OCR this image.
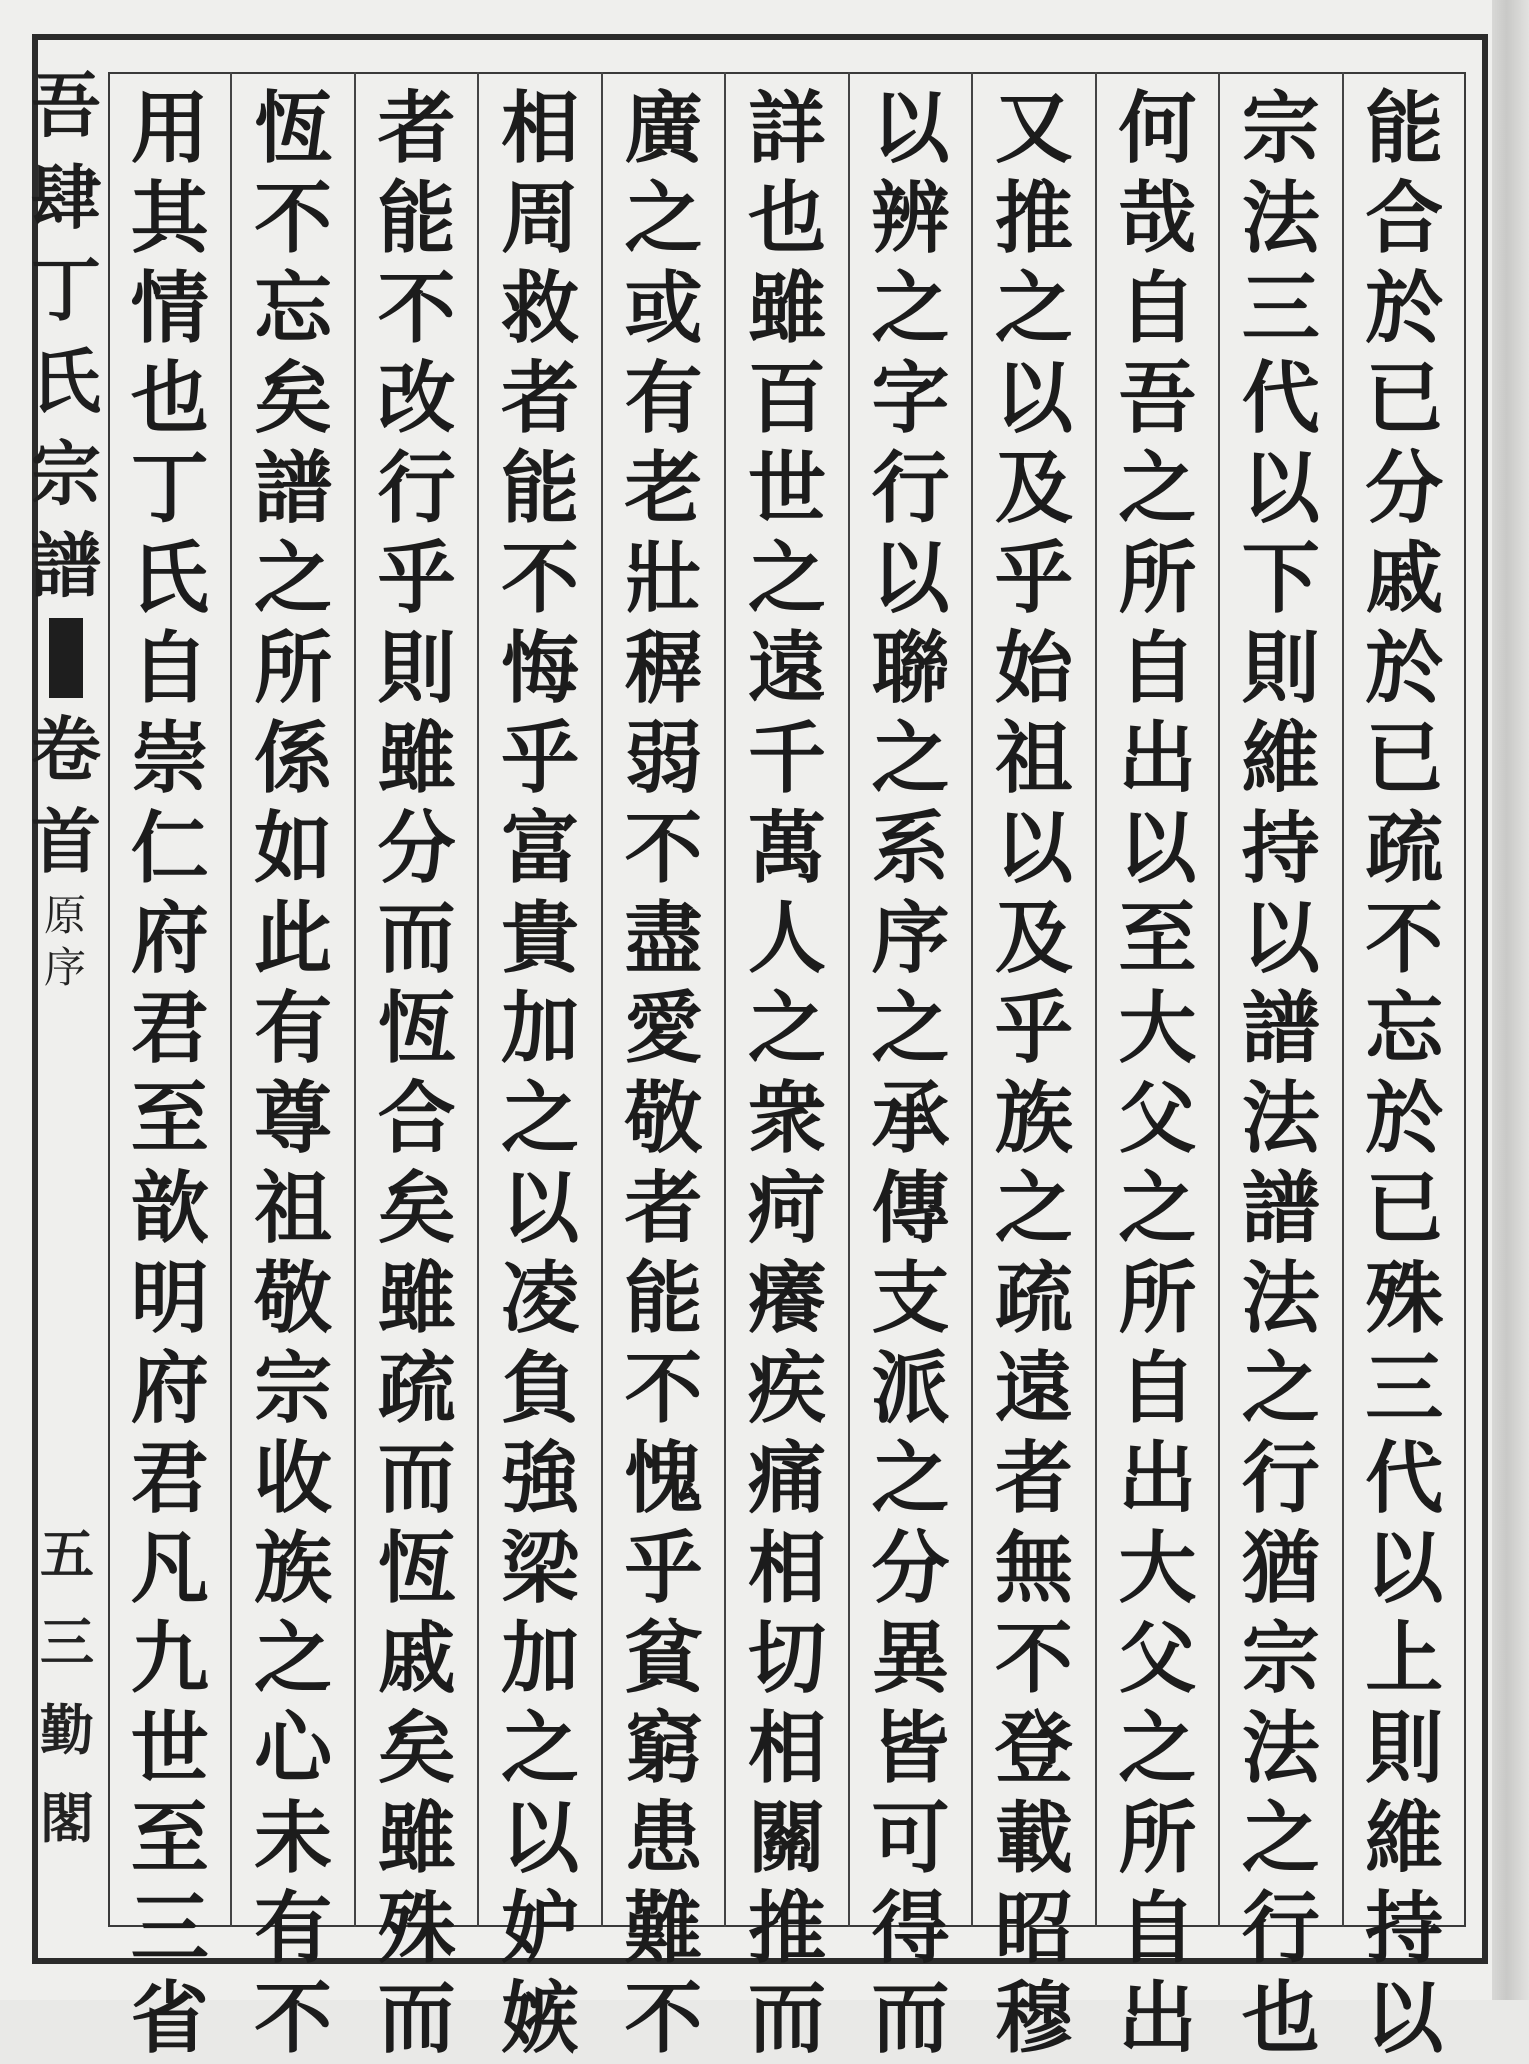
吾
肆
丁
氏
宗
譜
卷
首
原
序
五
三
勤
閣
能
合
於
已
分
戚
於
已
疏
不
忘
於
已
殊
三
代
以
上
則
維
持
以
宗
法
三
代
以
下
則
維
持
以
譜
法
譜
法
之
行
猶
宗
法
之
行
也
何
哉
自
吾
之
所
自
出
以
至
大
父
之
所
自
出
大
父
之
所
自
出
又
推
之
以
及
乎
始
祖
以
及
乎
族
之
疏
遠
者
無
不
登
載
昭
穆
以
辨
之
字
行
以
聯
之
系
序
之
承
傳
支
派
之
分
異
皆
可
得
而
詳
也
雖
百
世
之
遠
千
萬
人
之
衆
疴
癢
疾
痛
相
切
相
關
推
而
廣
之
或
有
老
壯
稺
弱
不
盡
愛
敬
者
能
不
愧
乎
貧
窮
患
難
不
相
周
救
者
能
不
悔
乎
富
貴
加
之
以
凌
負
強
梁
加
之
以
妒
嫉
者
能
不
改
行
乎
則
雖
分
而
恆
合
矣
雖
疏
而
恆
戚
矣
雖
殊
而
恆
不
忘
矣
譜
之
所
係
如
此
有
尊
祖
敬
宗
收
族
之
心
未
有
不
用
其
情
也
丁
氏
自
崇
仁
府
君
至
歆
明
府
君
凡
九
世
至
三
省
